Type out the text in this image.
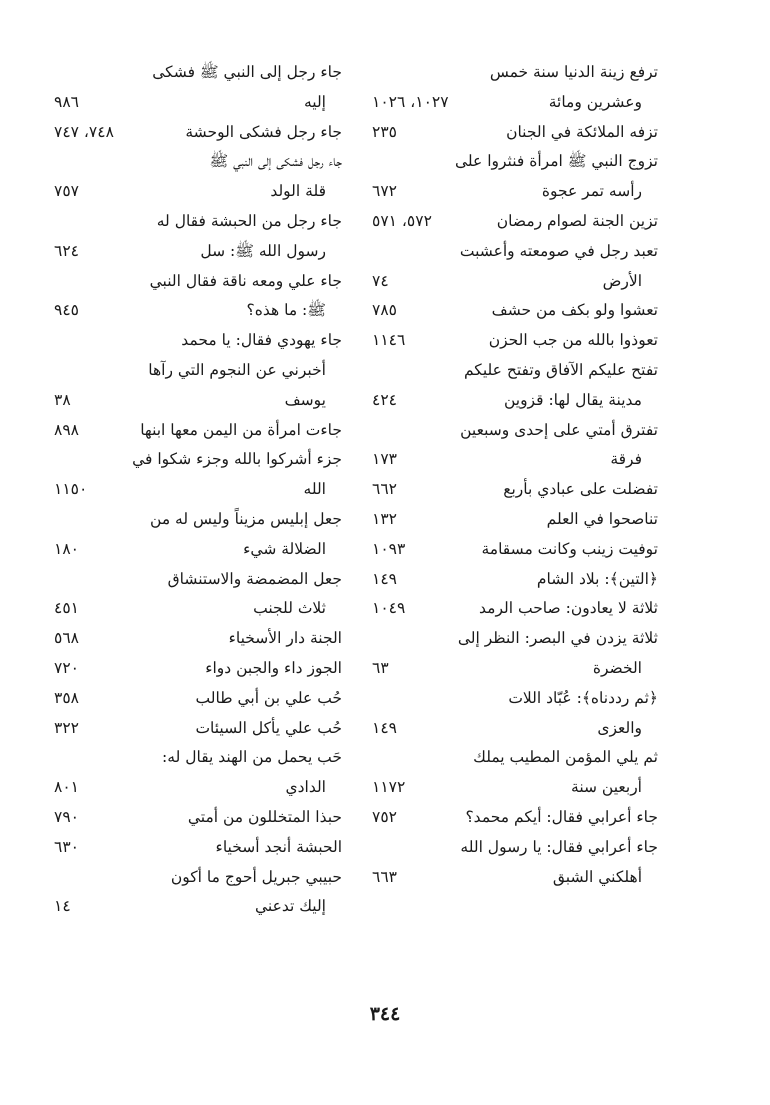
ترفع زينة الدنيا سنة خمس
وعشرين ومائة
١٠٢٧، ١٠٢٦
تزفه الملائكة في الجنان
٢٣٥
تزوج النبي ﷺ امرأة فنثروا على
رأسه تمر عجوة
٦٧٢
تزين الجنة لصوام رمضان
٥٧٢، ٥٧١
تعبد رجل في صومعته وأعشبت
الأرض
٧٤
تعشوا ولو بكف من حشف
٧٨٥
تعوذوا بالله من جب الحزن
١١٤٦
تفتح عليكم الآفاق وتفتح عليكم
مدينة يقال لها: قزوين
٤٢٤
تفترق أمتي على إحدى وسبعين
فرقة
١٧٣
تفضلت على عبادي بأربع
٦٦٢
تناصحوا في العلم
١٣٢
توفيت زينب وكانت مسقامة
١٠٩٣
﴿التين﴾: بلاد الشام
١٤٩
ثلاثة لا يعادون: صاحب الرمد
١٠٤٩
ثلاثة يزدن في البصر: النظر إلى
الخضرة
٦٣
﴿ثم رددناه﴾: عُبّاد اللات
والعزى
١٤٩
ثم يلي المؤمن المطيب يملك
أربعين سنة
١١٧٢
جاء أعرابي فقال: أيكم محمد؟
٧٥٢
جاء أعرابي فقال: يا رسول الله
أهلكني الشبق
٦٦٣
جاء رجل إلى النبي ﷺ فشكى
إليه
٩٨٦
جاء رجل فشكى الوحشة
٧٤٨، ٧٤٧
جاء رجل فشكى إلى النبي ﷺ
قلة الولد
٧٥٧
جاء رجل من الحبشة فقال له
رسول الله ﷺ: سل
٦٢٤
جاء علي ومعه ناقة فقال النبي
ﷺ: ما هذه؟
٩٤٥
جاء يهودي فقال: يا محمد
أخبرني عن النجوم التي رآها
يوسف
٣٨
جاءت امرأة من اليمن معها ابنها
٨٩٨
جزء أشركوا بالله وجزء شكوا في
الله
١١٥٠
جعل إبليس مزيناً وليس له من
الضلالة شيء
١٨٠
جعل المضمضة والاستنشاق
ثلاث للجنب
٤٥١
الجنة دار الأسخياء
٥٦٨
الجوز داء والجبن دواء
٧٢٠
حُب علي بن أبي طالب
٣٥٨
حُب علي يأكل السيئات
٣٢٢
حَب يحمل من الهند يقال له:
الدادي
٨٠١
حبذا المتخللون من أمتي
٧٩٠
الحبشة أنجد أسخياء
٦٣٠
حبيبي جبريل أحوج ما أكون
إليك تدعني
١٤
٣٤٤
